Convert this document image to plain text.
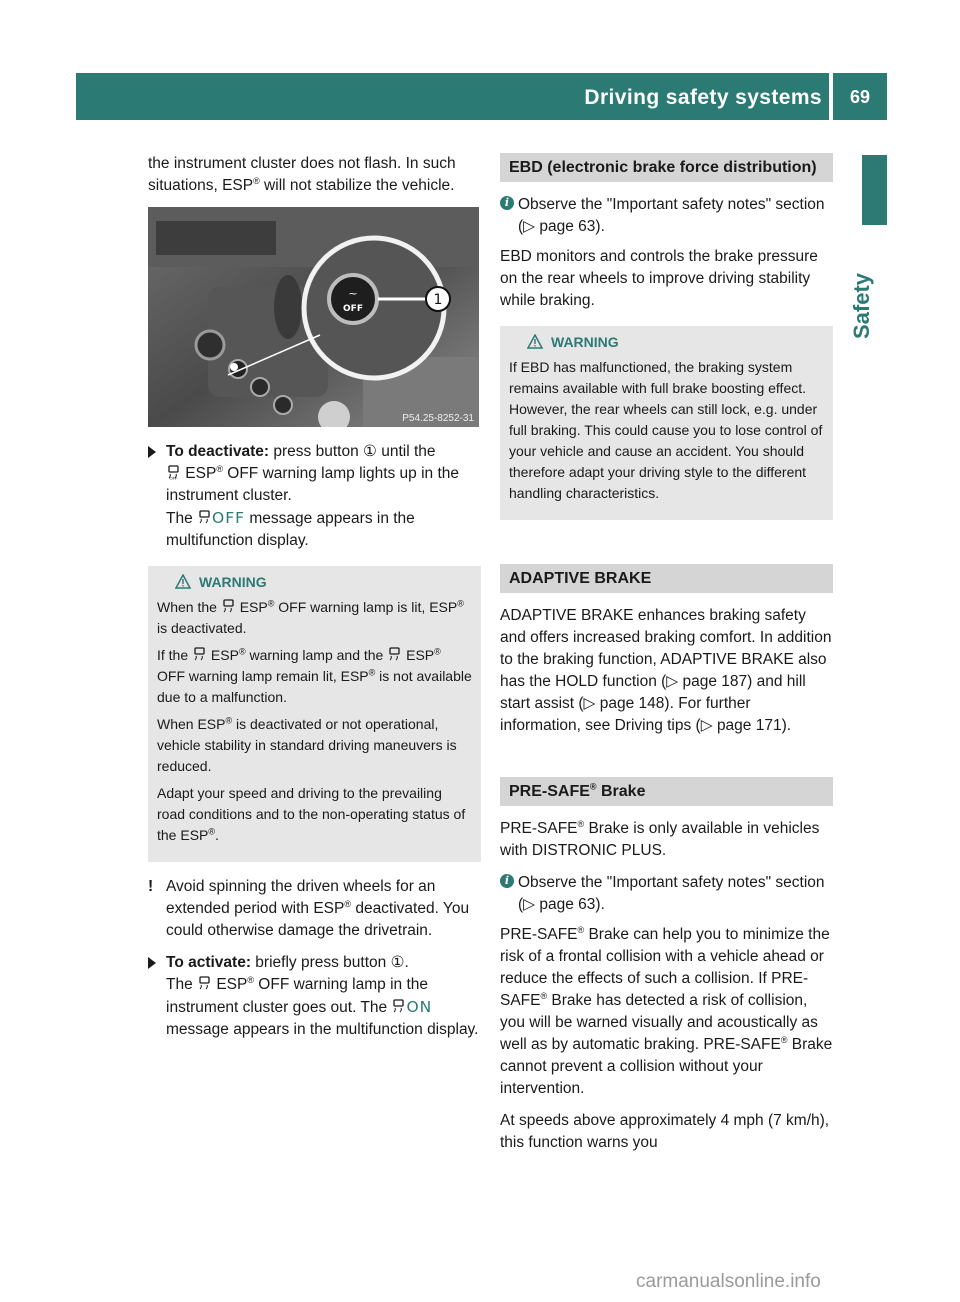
Driving safety systems	69
Safety

the instrument cluster does not flash. In such situations, ESP® will not stabilize the vehicle.

~
OFF
1
P54.25-8252-31
To deactivate: press button ① until the

OFF ESP® OFF warning lamp lights up in the instrument cluster.
The OFF message appears in the multifunction display.
WARNING

When the  ESP® OFF warning lamp is lit, ESP® is deactivated.

If the  ESP® warning lamp and the  ESP® OFF warning lamp remain lit, ESP® is not available due to a malfunction.

When ESP® is deactivated or not operational, vehicle stability in standard driving maneuvers is reduced.

Adapt your speed and driving to the prevailing road conditions and to the non-operating status of the ESP®.

! Avoid spinning the driven wheels for an extended period with ESP® deactivated. You could otherwise damage the drivetrain.
To activate: briefly press button ①.
The  ESP® OFF warning lamp in the instrument cluster goes out. The ON message appears in the multifunction display.
EBD (electronic brake force distribution)
i Observe the "Important safety notes" section (▷ page 63).

EBD monitors and controls the brake pressure on the rear wheels to improve driving stability while braking.

WARNING

If EBD has malfunctioned, the braking system remains available with full brake boosting effect. However, the rear wheels can still lock, e.g. under full braking. This could cause you to lose control of your vehicle and cause an accident. You should therefore adapt your driving style to the different handling characteristics.

ADAPTIVE BRAKE

ADAPTIVE BRAKE enhances braking safety and offers increased braking comfort. In addition to the braking function, ADAPTIVE BRAKE also has the HOLD function (▷ page 187) and hill start assist (▷ page 148). For further information, see Driving tips (▷ page 171).

PRE-SAFE® Brake

PRE-SAFE® Brake is only available in vehicles with DISTRONIC PLUS.

i Observe the "Important safety notes" section (▷ page 63).

PRE-SAFE® Brake can help you to minimize the risk of a frontal collision with a vehicle ahead or reduce the effects of such a collision. If PRE-SAFE® Brake has detected a risk of collision, you will be warned visually and acoustically as well as by automatic braking. PRE-SAFE® Brake cannot prevent a collision without your intervention.

At speeds above approximately 4 mph (7 km/h), this function warns you

carmanualsonline.info
